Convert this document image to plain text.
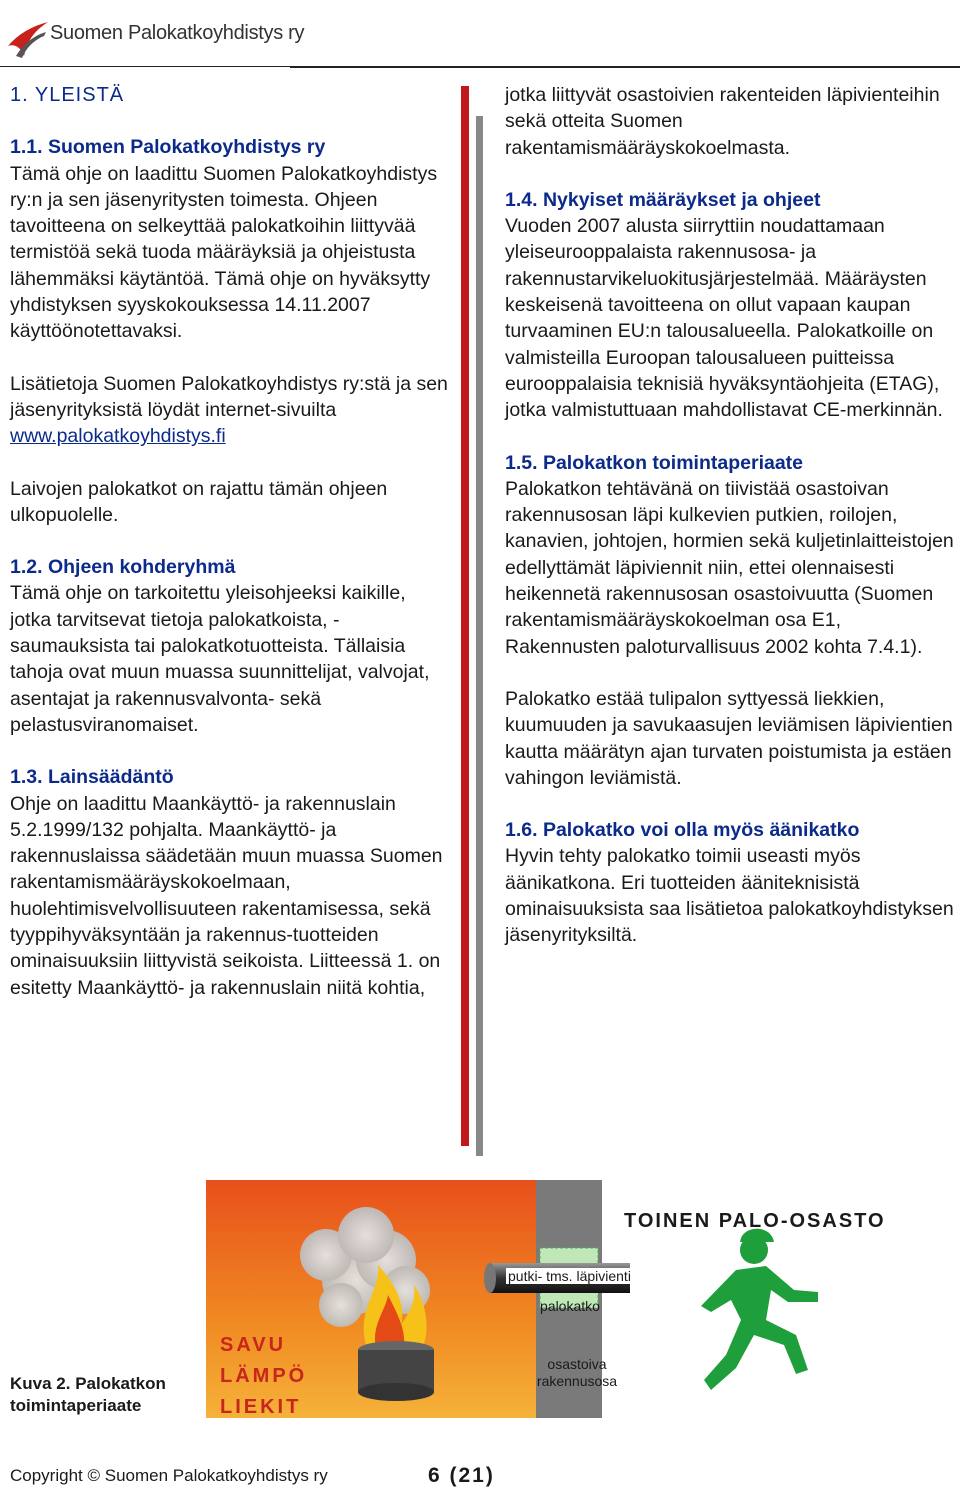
Suomen Palokatkoyhdistys ry

1. YLEISTÄ

1.1. Suomen Palokatkoyhdistys ry
Tämä ohje on laadittu Suomen Palokatkoyhdistys ry:n ja sen jäsenyritysten toimesta. Ohjeen tavoitteena on selkeyttää palokatkoihin liittyvää termistöä sekä tuoda määräyksiä ja ohjeistusta lähemmäksi käytäntöä. Tämä ohje on hyväksytty yhdistyksen syyskokouksessa 14.11.2007 käyttöönotettavaksi.

Lisätietoja Suomen Palokatkoyhdistys ry:stä ja sen jäsenyrityksistä löydät internet-sivuilta www.palokatkoyhdistys.fi

Laivojen palokatkot on rajattu tämän ohjeen ulkopuolelle.

1.2. Ohjeen kohderyhmä
Tämä ohje on tarkoitettu yleisohjeeksi kaikille, jotka tarvitsevat tietoja palokatkoista, -saumauksista tai palokatkotuotteista. Tällaisia tahoja ovat muun muassa suunnittelijat, valvojat, asentajat ja rakennusvalvonta- sekä pelastusviranomaiset.

1.3. Lainsäädäntö
Ohje on laadittu Maankäyttö- ja rakennuslain 5.2.1999/132 pohjalta. Maankäyttö- ja rakennuslaissa säädetään muun muassa Suomen rakentamismääräyskokoelmaan, huolehtimisvelvollisuuteen rakentamisessa, sekä tyyppihyväksyntään ja rakennus-tuotteiden ominaisuuksiin liittyvistä seikoista. Liitteessä 1. on esitetty Maankäyttö- ja rakennuslain niitä kohtia,

jotka liittyvät osastoivien rakenteiden läpivienteihin sekä otteita Suomen rakentamismääräyskokoelmasta.

1.4. Nykyiset määräykset ja ohjeet
Vuoden 2007 alusta siirryttiin noudattamaan yleiseurooppalaista rakennusosa- ja rakennustarvikeluokitusjärjestelmää. Määräysten keskeisenä tavoitteena on ollut vapaan kaupan turvaaminen EU:n talousalueella. Palokatkoille on valmisteilla Euroopan talousalueen puitteissa eurooppalaisia teknisiä hyväksyntäohjeita (ETAG), jotka valmistuttuaan mahdollistavat CE-merkinnän.

1.5. Palokatkon toimintaperiaate
Palokatkon tehtävänä on tiivistää osastoivan rakennusosan läpi kulkevien putkien, roilojen, kanavien, johtojen, hormien sekä kuljetinlaitteistojen edellyttämät läpiviennit niin, ettei olennaisesti heikennetä rakennusosan osastoivuutta (Suomen rakentamismääräyskokoelman osa E1, Rakennusten paloturvallisuus 2002 kohta 7.4.1).

Palokatko estää tulipalon syttyessä liekkien, kuumuuden ja savukaasujen leviämisen läpivientien kautta määrätyn ajan turvaten poistumista ja estäen vahingon leviämistä.

1.6. Palokatko voi olla myös äänikatko
Hyvin tehty palokatko toimii useasti myös äänikatkona. Eri tuotteiden ääniteknisistä ominaisuuksista saa lisätietoa palokatkoyhdistyksen jäsenyrityksiltä.

TOINEN PALO-OSASTO
putki- tms. läpivienti
palokatko
osastoiva
rakennusosa
SAVU
LÄMPÖ
LIEKIT
Kuva 2. Palokatkon
toimintaperiaate
Copyright © Suomen Palokatkoyhdistys ry	6 (21)
